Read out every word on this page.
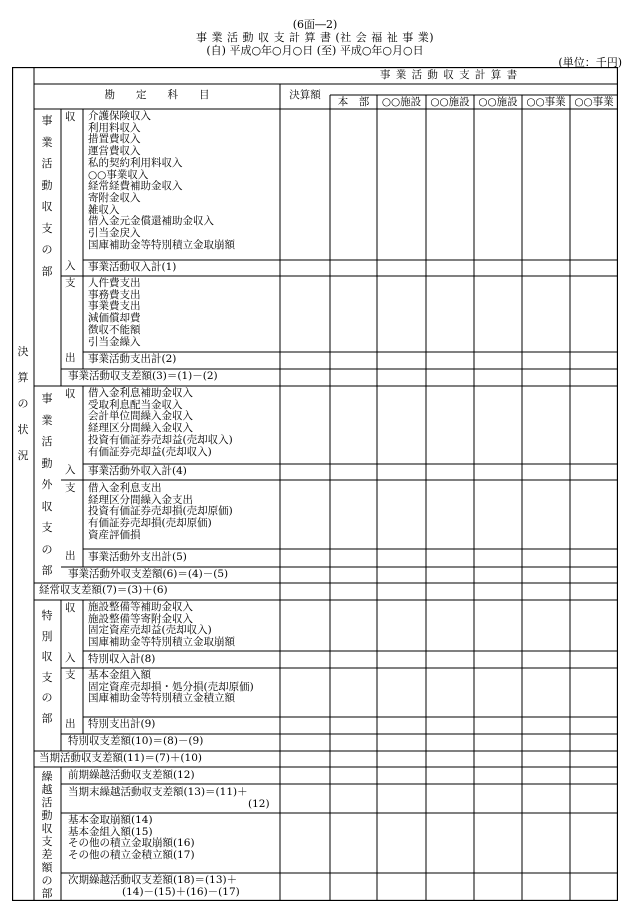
(6面―2)
事 業 活 動 収 支 計 算 書 (社 会 福 祉 事 業)
(自) 平成○年○月○日 (至) 平成○年○月○日
(単位：千円)
事 業 活 動 収 支 計 算 書
勘　　定　　科　　目	決算額
本　部	○○施設 ○○施設 ○○施設 ○○事業 ○○事業
決算の状況
事業活動収支の部
収
入
支
出
介護保険収入
利用料収入
措置費収入
運営費収入
私的契約利用料収入
○○事業収入
経常経費補助金収入
寄附金収入
雑収入
借入金元金償還補助金収入
引当金戻入
国庫補助金等特別積立金取崩額
事業活動収入計(1)
人件費支出
事務費支出
事業費支出
減価償却費
徴収不能額
引当金繰入
事業活動支出計(2)
事業活動収支差額(3)＝(1)－(2)
事業活動外収支の部
収
入
支
出
借入金利息補助金収入
受取利息配当金収入
会計単位間繰入金収入
経理区分間繰入金収入
投資有価証券売却益(売却収入)
有価証券売却益(売却収入)
事業活動外収入計(4)
借入金利息支出
経理区分間繰入金支出
投資有価証券売却損(売却原価)
有価証券売却損(売却原価)
資産評価損
事業活動外支出計(5)
事業活動外収支差額(6)＝(4)－(5)
経常収支差額(7)＝(3)＋(6)
特別収支の部
収
入
支
出
施設整備等補助金収入
施設整備等寄附金収入
固定資産売却益(売却収入)
国庫補助金等特別積立金取崩額
特別収入計(8)
基本金組入額
固定資産売却損・処分損(売却原価)
国庫補助金等特別積立金積立額
特別支出計(9)
特別収支差額(10)＝(8)－(9)
当期活動収支差額(11)＝(7)＋(10)
繰越活動収支差額の部
前期繰越活動収支差額(12)
当期末繰越活動収支差額(13)＝(11)＋
(12)
基本金取崩額(14)
基本金組入額(15)
その他の積立金取崩額(16)
その他の積立金積立額(17)
次期繰越活動収支差額(18)＝(13)＋
(14)－(15)＋(16)－(17)
